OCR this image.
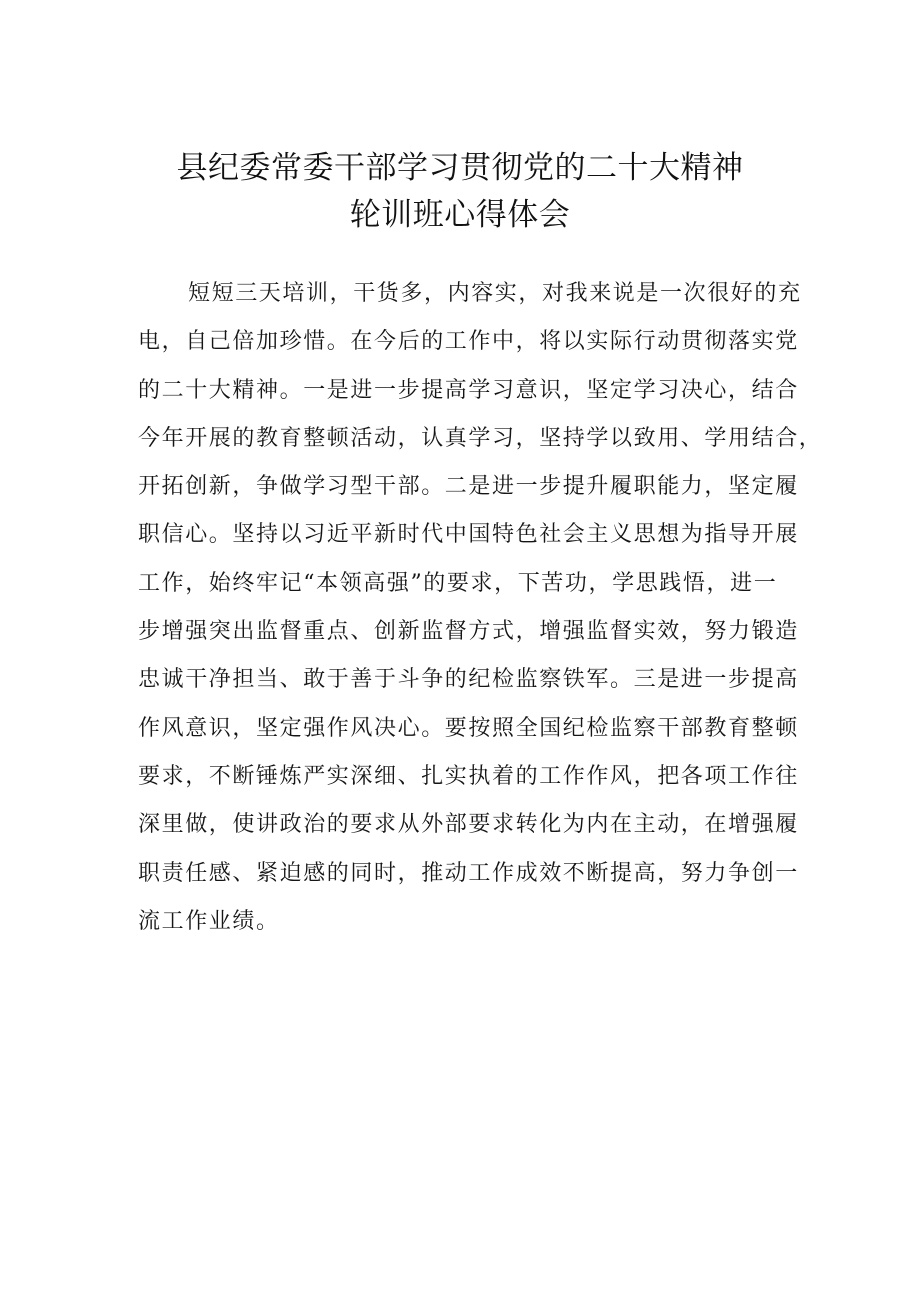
县纪委常委干部学习贯彻党的二十大精神
轮训班心得体会
短短三天培训，干货多，内容实，对我来说是一次很好的充
电，自己倍加珍惜。在今后的工作中，将以实际行动贯彻落实党
的二十大精神。一是进一步提高学习意识，坚定学习决心，结合
今年开展的教育整顿活动，认真学习，坚持学以致用、学用结合，
开拓创新，争做学习型干部。二是进一步提升履职能力，坚定履
职信心。坚持以习近平新时代中国特色社会主义思想为指导开展
工作，始终牢记“本领高强”的要求，下苦功，学思践悟，进一
步增强突出监督重点、创新监督方式，增强监督实效，努力锻造
忠诚干净担当、敢于善于斗争的纪检监察铁军。三是进一步提高
作风意识，坚定强作风决心。要按照全国纪检监察干部教育整顿
要求，不断锤炼严实深细、扎实执着的工作作风，把各项工作往
深里做，使讲政治的要求从外部要求转化为内在主动，在增强履
职责任感、紧迫感的同时，推动工作成效不断提高，努力争创一
流工作业绩。
